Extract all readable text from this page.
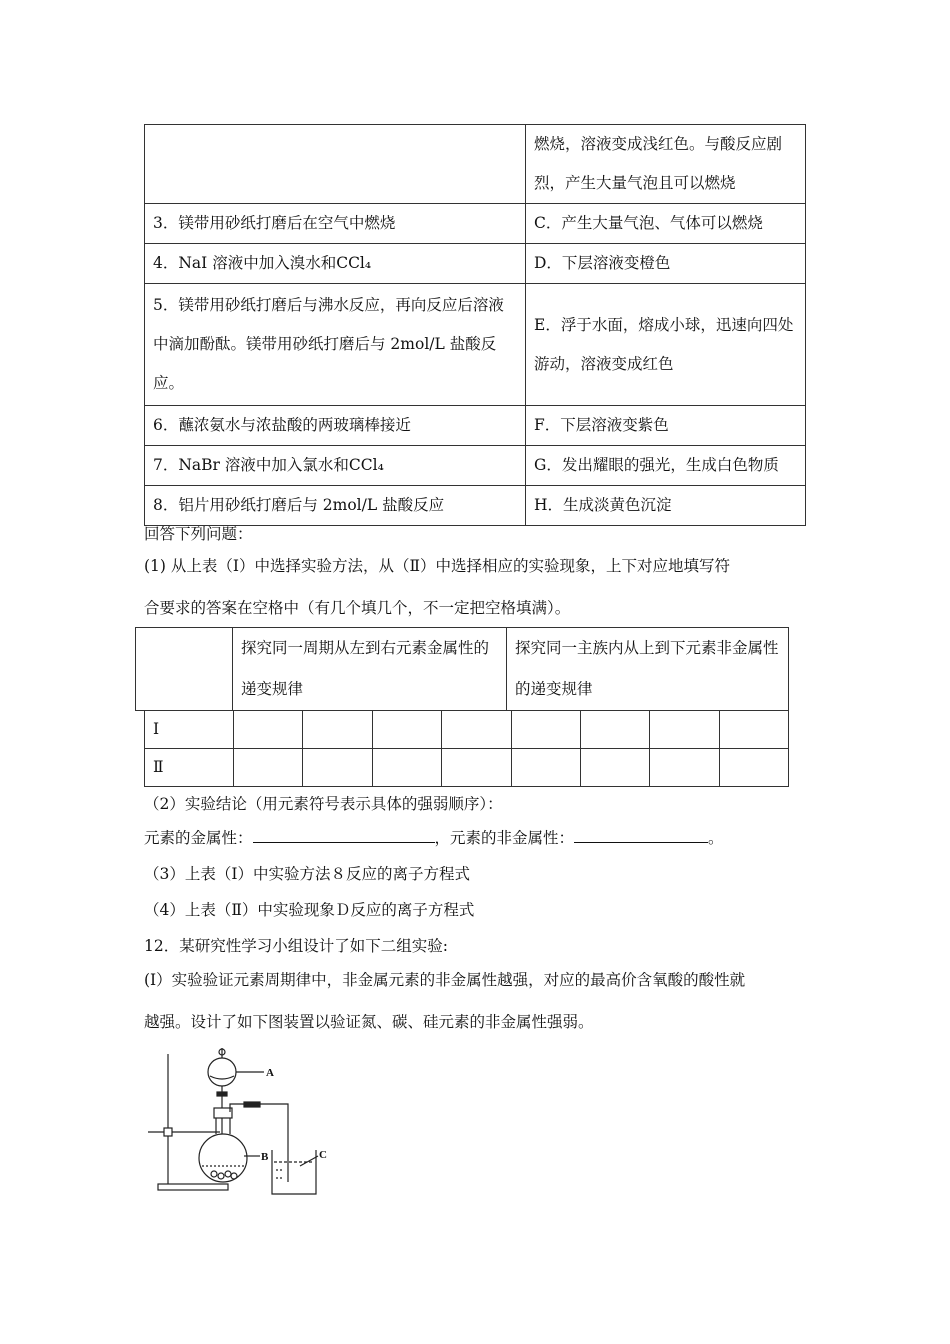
	燃烧，溶液变成浅红色。与酸反应剧烈，产生大量气泡且可以燃烧
3．镁带用砂纸打磨后在空气中燃烧	C．产生大量气泡、气体可以燃烧
4．NaI 溶液中加入溴水和CCl₄	D．下层溶液变橙色
5．镁带用砂纸打磨后与沸水反应，再向反应后溶液中滴加酚酞。镁带用砂纸打磨后与 2mol/L 盐酸反应。	E．浮于水面，熔成小球，迅速向四处游动，溶液变成红色
6．蘸浓氨水与浓盐酸的两玻璃棒接近	F．下层溶液变紫色
7．NaBr 溶液中加入氯水和CCl₄	G．发出耀眼的强光，生成白色物质
8．铝片用砂纸打磨后与 2mol/L 盐酸反应	H．生成淡黄色沉淀
回答下列问题：
(1) 从上表（Ⅰ）中选择实验方法，从（Ⅱ）中选择相应的实验现象，上下对应地填写符
合要求的答案在空格中（有几个填几个，不一定把空格填满）。
	探究同一周期从左到右元素金属性的递变规律	探究同一主族内从上到下元素非金属性的递变规律
Ⅰ								
Ⅱ								
（2）实验结论（用元素符号表示具体的强弱顺序）：
元素的金属性：	，元素的非金属性：	。
（3）上表（Ⅰ）中实验方法８反应的离子方程式
（4）上表（Ⅱ）中实验现象Ｄ反应的离子方程式
12．某研究性学习小组设计了如下二组实验:
(Ⅰ）实验验证元素周期律中，非金属元素的非金属性越强，对应的最高价含氧酸的酸性就
越强。设计了如下图装置以验证氮、碳、硅元素的非金属性强弱。
A
B	C
